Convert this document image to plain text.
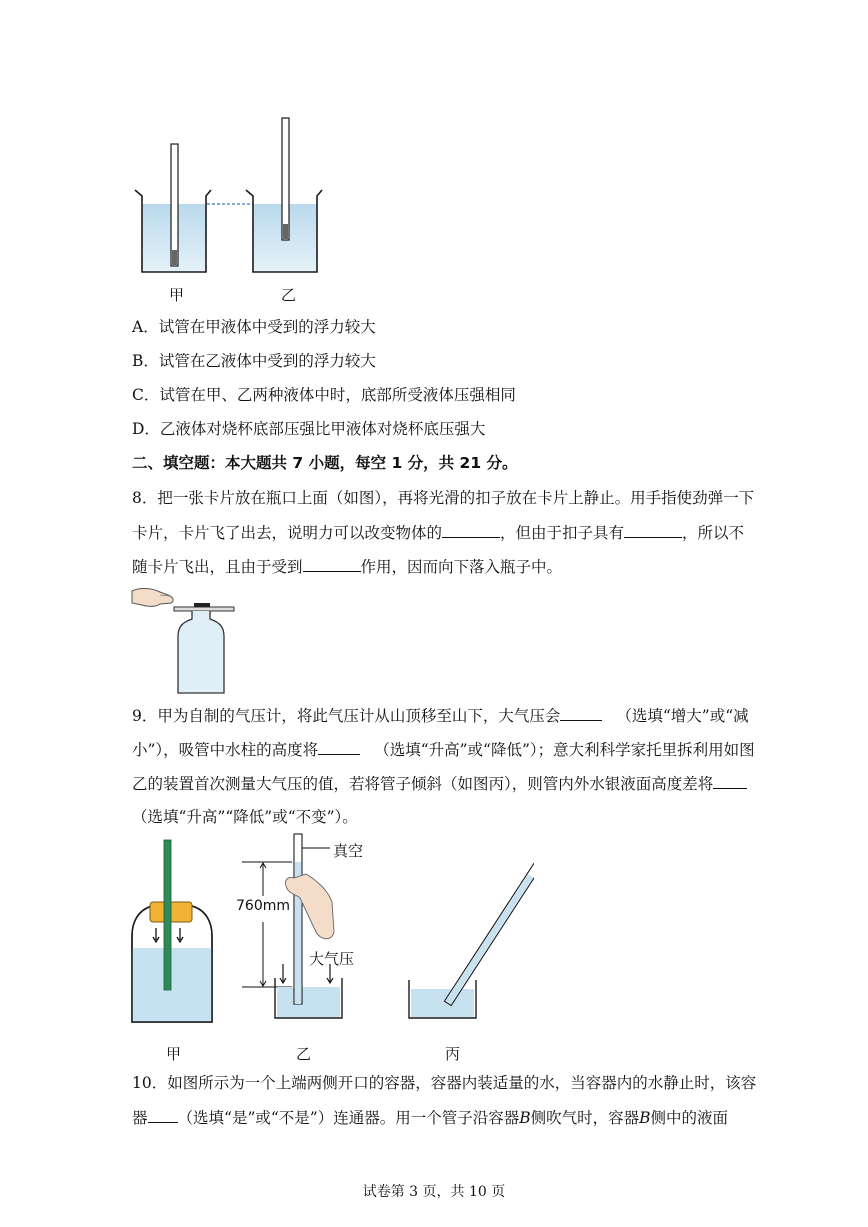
甲	乙
A．试管在甲液体中受到的浮力较大
B．试管在乙液体中受到的浮力较大
C．试管在甲、乙两种液体中时，底部所受液体压强相同
D．乙液体对烧杯底部压强比甲液体对烧杯底压强大
二、填空题：本大题共 7 小题，每空 1 分，共 21 分。
8．把一张卡片放在瓶口上面（如图），再将光滑的扣子放在卡片上静止。用手指使劲弹一下
卡片，卡片飞了出去，说明力可以改变物体的	，但由于扣子具有	，所以不
随卡片飞出，且由于受到	作用，因而向下落入瓶子中。
9．甲为自制的气压计，将此气压计从山顶移至山下，大气压会	（选填“增大”或“减
小”），吸管中水柱的高度将	（选填“升高”或“降低”）；意大利科学家托里拆利用如图
乙的装置首次测量大气压的值，若将管子倾斜（如图丙），则管内外水银液面高度差将
（选填“升高”“降低”或“不变”）。
真空
760mm
大气压
甲	乙	丙
10．如图所示为一个上端两侧开口的容器，容器内装适量的水，当容器内的水静止时，该容
器 （选填“是”或“不是”）连通器。用一个管子沿容器B侧吹气时，容器B侧中的液面
试卷第 3 页，共 10 页
